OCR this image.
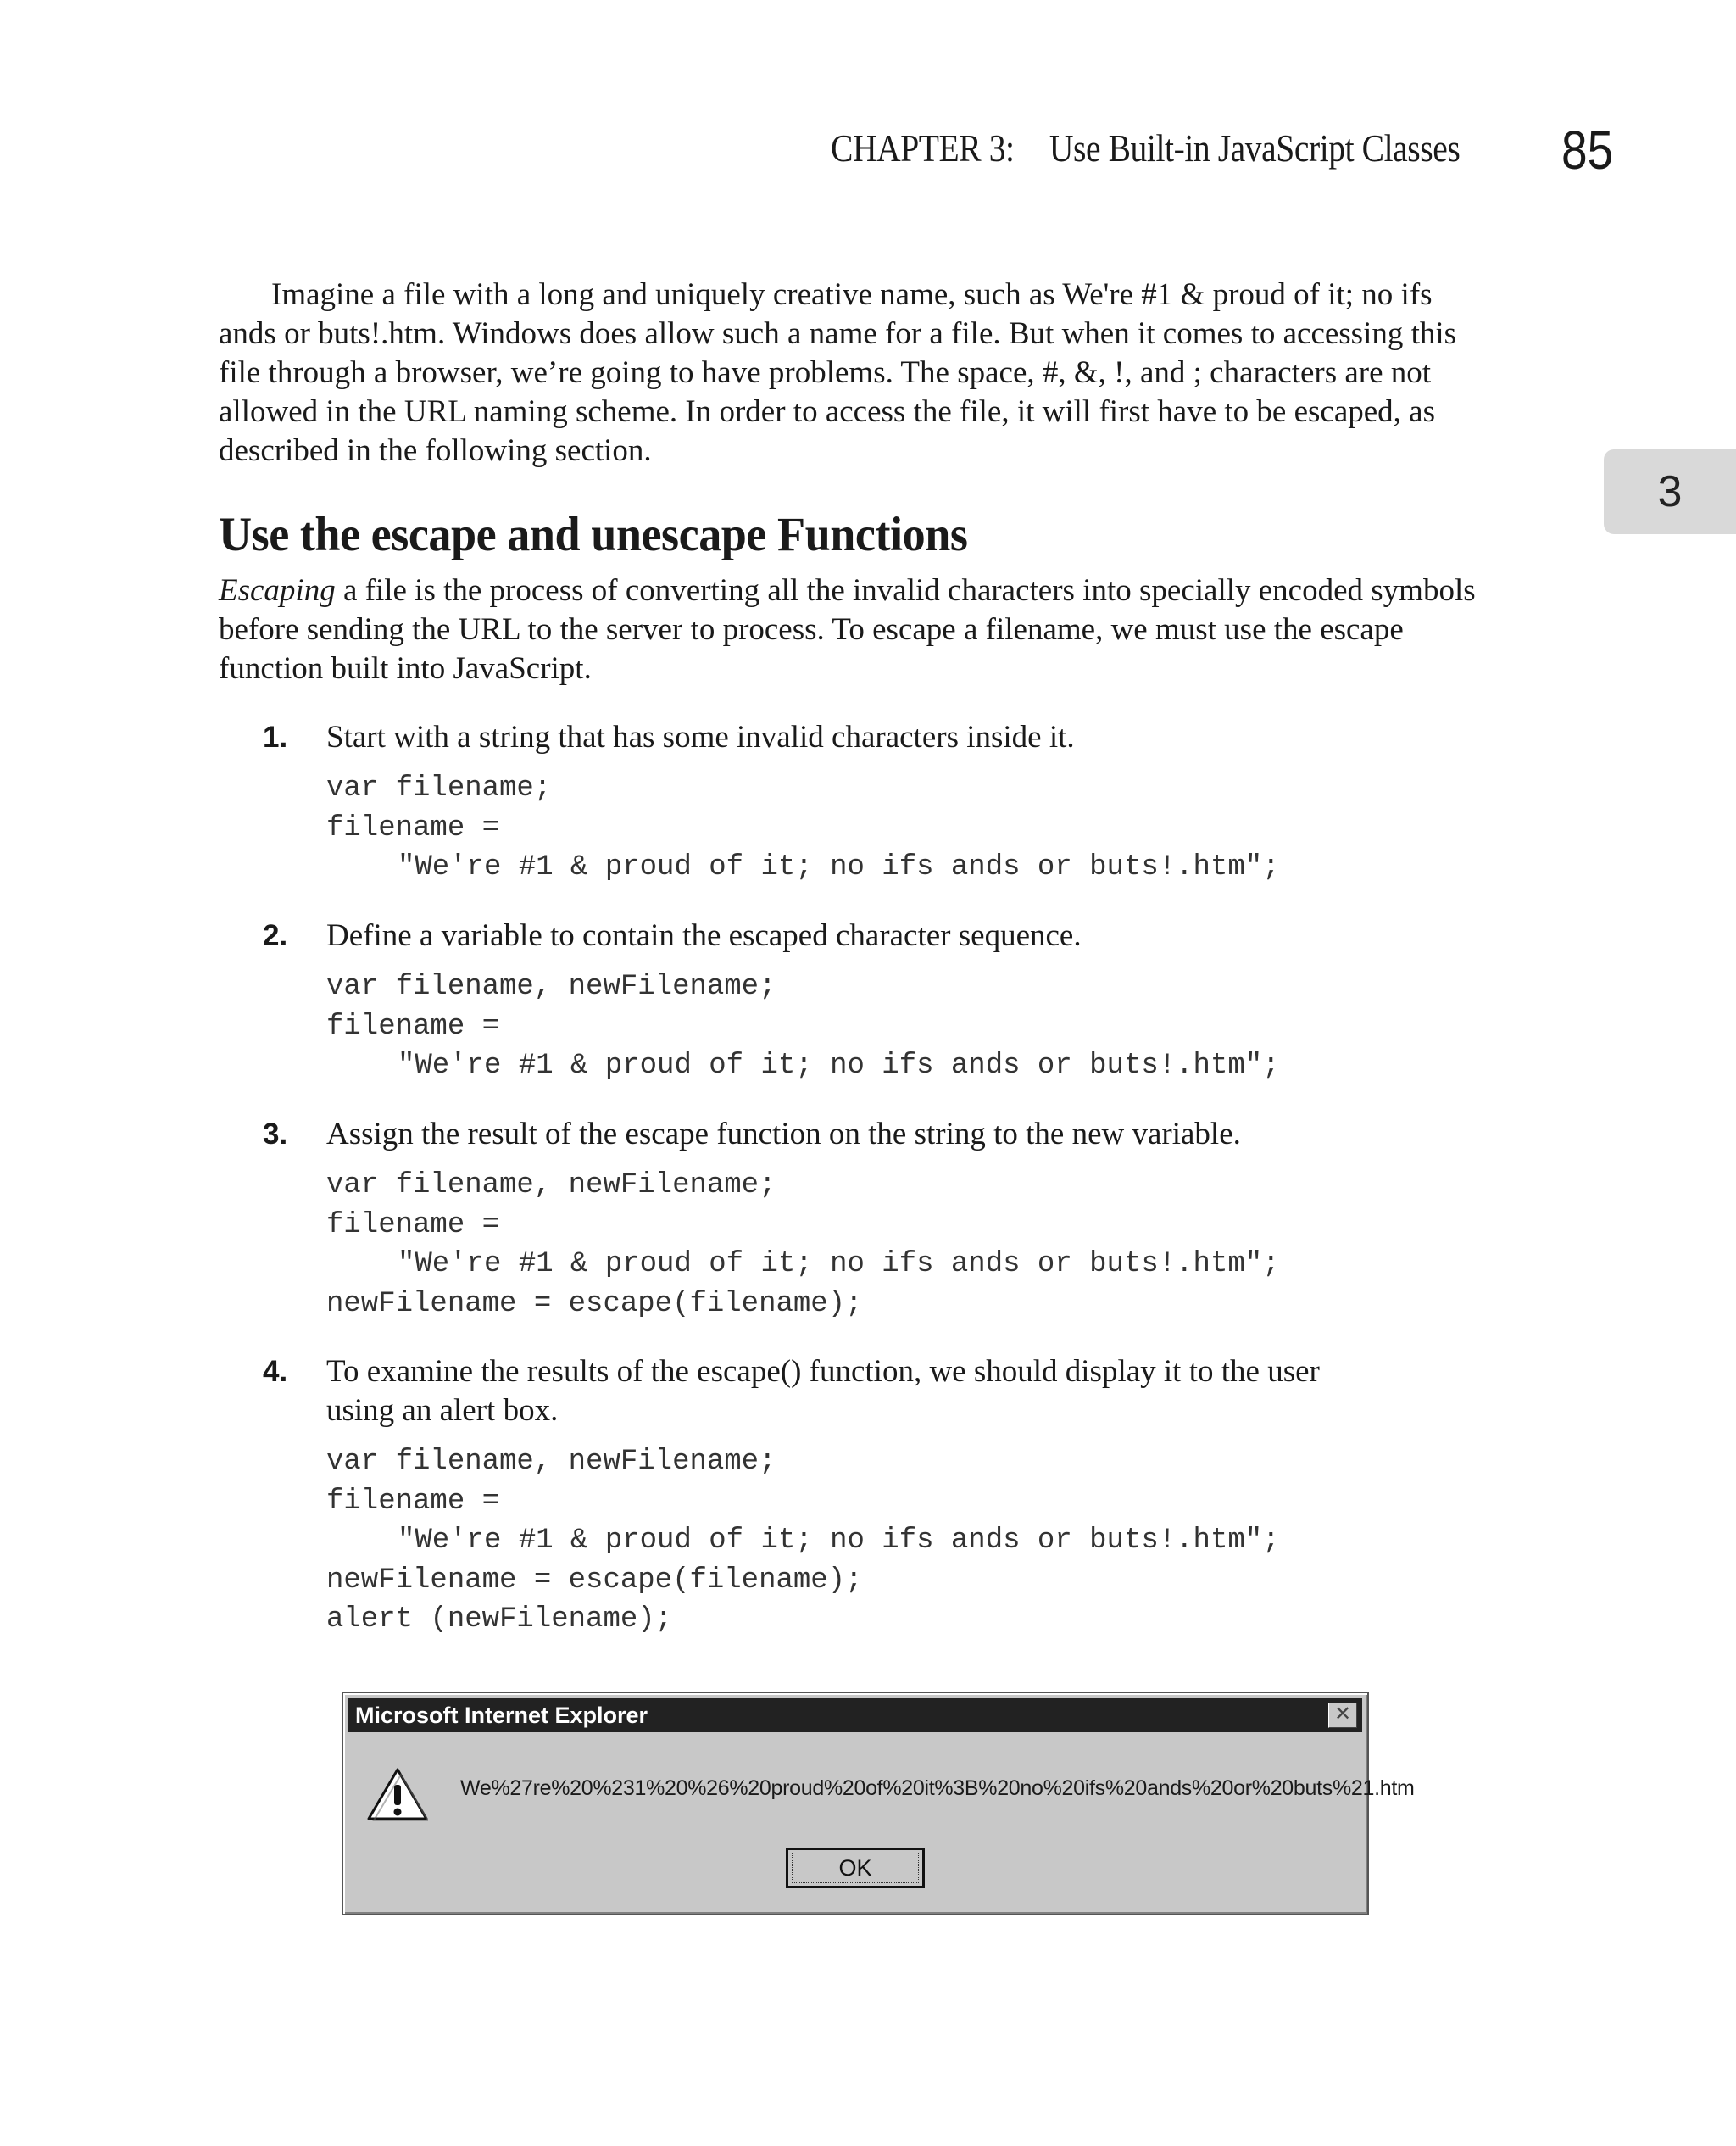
CHAPTER 3: Use Built-in JavaScript Classes 85
3

Imagine a file with a long and uniquely creative name, such as We're #1 & proud of it; no ifs ands or buts!.htm. Windows does allow such a name for a file. But when it comes to accessing this file through a browser, we’re going to have problems. The space, #, &, !, and ; characters are not allowed in the URL naming scheme. In order to access the file, it will first have to be escaped, as described in the following section.

Use the escape and unescape Functions

Escaping a file is the process of converting all the invalid characters into specially encoded symbols before sending the URL to the server to process. To escape a filename, we must use the escape function built into JavaScript.

1. Start with a string that has some invalid characters inside it.
var filename;
filename =
"We're #1 & proud of it; no ifs ands or buts!.htm";
2. Define a variable to contain the escaped character sequence.
var filename, newFilename;
filename =
"We're #1 & proud of it; no ifs ands or buts!.htm";
3. Assign the result of the escape function on the string to the new variable.
var filename, newFilename;
filename =
"We're #1 & proud of it; no ifs ands or buts!.htm";
newFilename = escape(filename);
4. To examine the results of the escape() function, we should display it to the user using an alert box.
var filename, newFilename;
filename =
"We're #1 & proud of it; no ifs ands or buts!.htm";
newFilename = escape(filename);
alert (newFilename);
Microsoft Internet Explorer	✕
We%27re%20%231%20%26%20proud%20of%20it%3B%20no%20ifs%20ands%20or%20buts%21.htm
OK
